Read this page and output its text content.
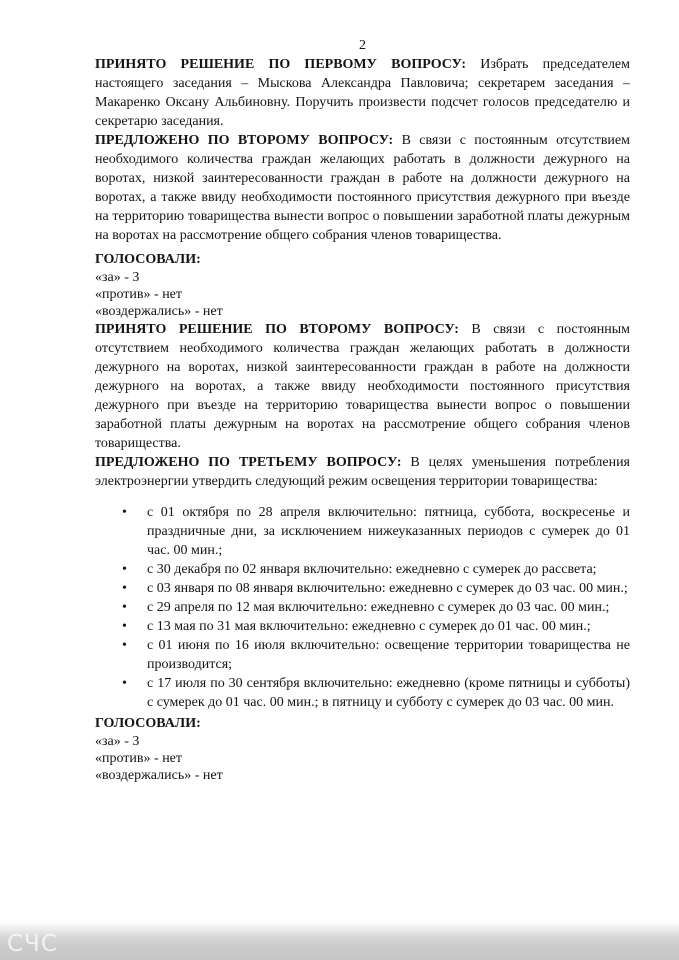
2

ПРИНЯТО РЕШЕНИЕ ПО ПЕРВОМУ ВОПРОСУ: Избрать председателем настоящего заседания – Мыскова Александра Павловича; секретарем заседания – Макаренко Оксану Альбиновну. Поручить произвести подсчет голосов председателю и секретарю заседания.

ПРЕДЛОЖЕНО ПО ВТОРОМУ ВОПРОСУ: В связи с постоянным отсутствием необходимого количества граждан желающих работать в должности дежурного на воротах, низкой заинтересованности граждан в работе на должности дежурного на воротах, а также ввиду необходимости постоянного присутствия дежурного при въезде на территорию товарищества вынести вопрос о повышении заработной платы дежурным на воротах на рассмотрение общего собрания членов товарищества.

ГОЛОСОВАЛИ:
«за» - 3
«против» - нет
«воздержались» - нет

ПРИНЯТО РЕШЕНИЕ ПО ВТОРОМУ ВОПРОСУ: В связи с постоянным отсутствием необходимого количества граждан желающих работать в должности дежурного на воротах, низкой заинтересованности граждан в работе на должности дежурного на воротах, а также ввиду необходимости постоянного присутствия дежурного при въезде на территорию товарищества вынести вопрос о повышении заработной платы дежурным на воротах на рассмотрение общего собрания членов товарищества.

ПРЕДЛОЖЕНО ПО ТРЕТЬЕМУ ВОПРОСУ: В целях уменьшения потребления электроэнергии утвердить следующий режим освещения территории товарищества:

•
с 01 октября по 28 апреля включительно: пятница, суббота, воскресенье и праздничные дни, за исключением нижеуказанных периодов с сумерек до 01 час. 00 мин.;
•
с 30 декабря по 02 января включительно: ежедневно с сумерек до рассвета;
•
с 03 января по 08 января включительно: ежедневно с сумерек до 03 час. 00 мин.;
•
с 29 апреля по 12 мая включительно: ежедневно с сумерек до 03 час. 00 мин.;
•
с 13 мая по 31 мая включительно: ежедневно с сумерек до 01 час. 00 мин.;
•
с 01 июня по 16 июля включительно: освещение территории товарищества не производится;
•
с 17 июля по 30 сентября включительно: ежедневно (кроме пятницы и субботы) с сумерек до 01 час. 00 мин.; в пятницу и субботу с сумерек до 03 час. 00 мин.
ГОЛОСОВАЛИ:
«за» - 3
«против» - нет
«воздержались» - нет
СЧС
